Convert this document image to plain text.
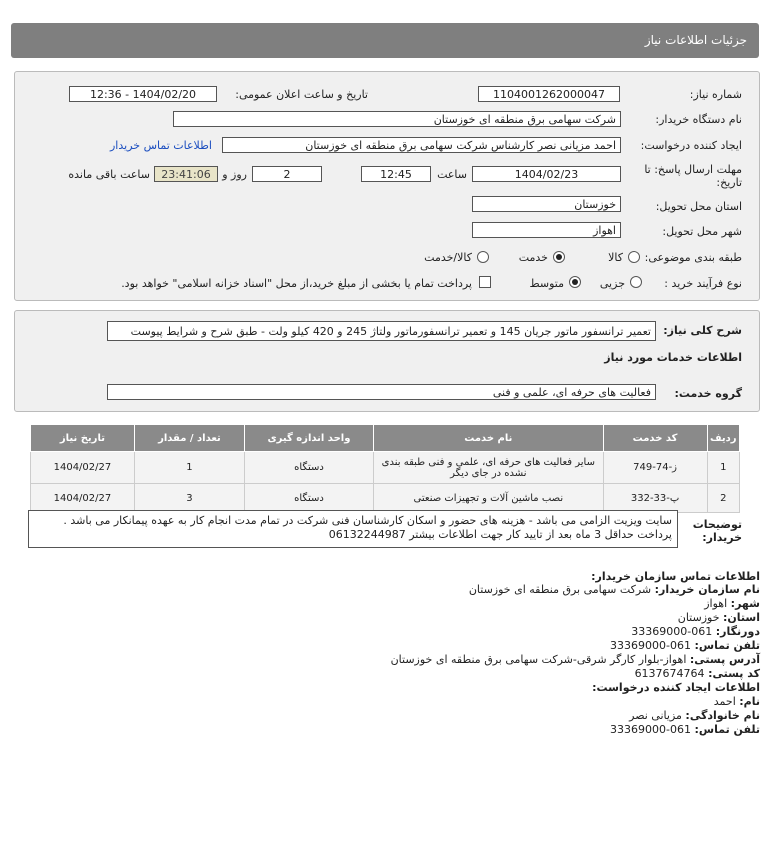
جزئیات اطلاعات نیاز
شماره نیاز:
1104001262000047
تاریخ و ساعت اعلان عمومی:
1404/02/20 - 12:36
نام دستگاه خریدار:
شرکت سهامی برق منطقه ای خوزستان
ایجاد کننده درخواست:
احمد مزیانی نصر کارشناس شرکت سهامی برق منطقه ای خوزستان
اطلاعات تماس خریدار
مهلت ارسال پاسخ: تا تاریخ:
1404/02/23
ساعت
12:45
2
روز و
23:41:06
ساعت باقی مانده
استان محل تحویل:
خوزستان
شهر محل تحویل:
اهواز
طبقه بندی موضوعی:
کالا
خدمت
کالا/خدمت
نوع فرآیند خرید :
جزیی
متوسط
پرداخت تمام یا بخشی از مبلغ خرید،از محل "اسناد خزانه اسلامی" خواهد بود.
شرح کلی نیاز:
تعمیر ترانسفور ماتور جریان 145 و تعمیر ترانسفورماتور ولتاژ 245 و 420 کیلو ولت - طبق شرح و شرایط پیوست
اطلاعات خدمات مورد نیاز
گروه خدمت:
فعالیت های حرفه ای، علمی و فنی
ردیف	کد خدمت	نام خدمت	واحد اندازه گیری	تعداد / مقدار	تاریخ نیاز
1	ز-74-749	سایر فعالیت های حرفه ای، علمی و فنی طبقه بندی نشده در جای دیگر	دستگاه	1	1404/02/27
2	پ-33-332	نصب ماشین آلات و تجهیزات صنعتی	دستگاه	3	1404/02/27
توضیحات خریدار:
سایت ویزیت الزامی می باشد - هزینه های حضور و اسکان کارشناسان فنی شرکت در تمام مدت انجام کار به عهده پیمانکار می باشد . پرداخت حداقل 3 ماه بعد از تایید کار جهت اطلاعات بیشتر 06132244987
اطلاعات تماس سازمان خریدار:
نام سازمان خریدار: شرکت سهامی برق منطقه ای خوزستان
شهر: اهواز
استان: خوزستان
دورنگار: 061-33369000
تلفن تماس: 061-33369000
آدرس پستی: اهواز-بلوار کارگر شرقی-شرکت سهامی برق منطقه ای خوزستان
کد پستی: 6137674764
اطلاعات ایجاد کننده درخواست:
نام: احمد
نام خانوادگی: مزیانی نصر
تلفن تماس: 061-33369000
